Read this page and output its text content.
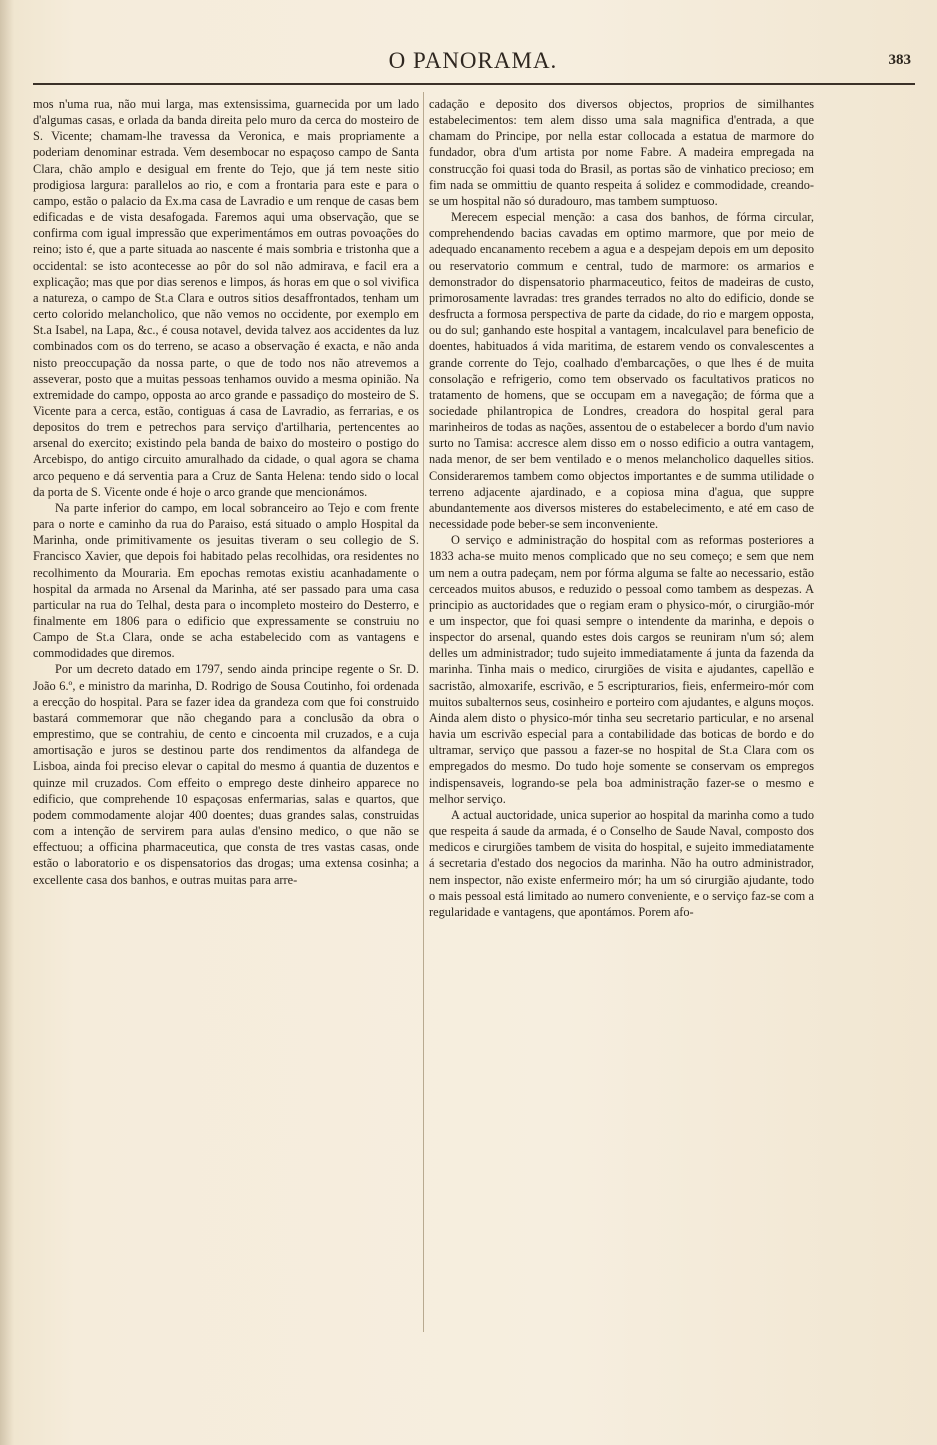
O PANORAMA.	383

mos n'uma rua, não mui larga, mas extensissima, guarnecida por um lado d'algumas casas, e orlada da banda direita pelo muro da cerca do mosteiro de S. Vicente; chamam-lhe travessa da Veronica, e mais propriamente a poderiam denominar estrada. Vem desembocar no espaçoso campo de Santa Clara, chão amplo e desigual em frente do Tejo, que já tem neste sitio prodigiosa largura: parallelos ao rio, e com a frontaria para este e para o campo, estão o palacio da Ex.ma casa de Lavradio e um renque de casas bem edificadas e de vista desafogada. Faremos aqui uma observação, que se confirma com igual impressão que experimentámos em outras povoações do reino; isto é, que a parte situada ao nascente é mais sombria e tristonha que a occidental: se isto acontecesse ao pôr do sol não admirava, e facil era a explicação; mas que por dias serenos e limpos, ás horas em que o sol vivifica a natureza, o campo de St.a Clara e outros sitios desaffrontados, tenham um certo colorido melancholico, que não vemos no occidente, por exemplo em St.a Isabel, na Lapa, &c., é cousa notavel, devida talvez aos accidentes da luz combinados com os do terreno, se acaso a observação é exacta, e não anda nisto preoccupação da nossa parte, o que de todo nos não atrevemos a asseverar, posto que a muitas pessoas tenhamos ouvido a mesma opinião. Na extremidade do campo, opposta ao arco grande e passadiço do mosteiro de S. Vicente para a cerca, estão, contiguas á casa de Lavradio, as ferrarias, e os depositos do trem e petrechos para serviço d'artilharia, pertencentes ao arsenal do exercito; existindo pela banda de baixo do mosteiro o postigo do Arcebispo, do antigo circuito amuralhado da cidade, o qual agora se chama arco pequeno e dá serventia para a Cruz de Santa Helena: tendo sido o local da porta de S. Vicente onde é hoje o arco grande que mencionámos.

Na parte inferior do campo, em local sobranceiro ao Tejo e com frente para o norte e caminho da rua do Paraiso, está situado o amplo Hospital da Marinha, onde primitivamente os jesuitas tiveram o seu collegio de S. Francisco Xavier, que depois foi habitado pelas recolhidas, ora residentes no recolhimento da Mouraria. Em epochas remotas existiu acanhadamente o hospital da armada no Arsenal da Marinha, até ser passado para uma casa particular na rua do Telhal, desta para o incompleto mosteiro do Desterro, e finalmente em 1806 para o edificio que expressamente se construiu no Campo de St.a Clara, onde se acha estabelecido com as vantagens e commodidades que diremos.

Por um decreto datado em 1797, sendo ainda principe regente o Sr. D. João 6.º, e ministro da marinha, D. Rodrigo de Sousa Coutinho, foi ordenada a erecção do hospital. Para se fazer idea da grandeza com que foi construido bastará commemorar que não chegando para a conclusão da obra o emprestimo, que se contrahiu, de cento e cincoenta mil cruzados, e a cuja amortisação e juros se destinou parte dos rendimentos da alfandega de Lisboa, ainda foi preciso elevar o capital do mesmo á quantia de duzentos e quinze mil cruzados. Com effeito o emprego deste dinheiro apparece no edificio, que comprehende 10 espaçosas enfermarias, salas e quartos, que podem commodamente alojar 400 doentes; duas grandes salas, construidas com a intenção de servirem para aulas d'ensino medico, o que não se effectuou; a officina pharmaceutica, que consta de tres vastas casas, onde estão o laboratorio e os dispensatorios das drogas; uma extensa cosinha; a excellente casa dos banhos, e outras muitas para arre-

cadação e deposito dos diversos objectos, proprios de similhantes estabelecimentos: tem alem disso uma sala magnifica d'entrada, a que chamam do Principe, por nella estar collocada a estatua de marmore do fundador, obra d'um artista por nome Fabre. A madeira empregada na construcção foi quasi toda do Brasil, as portas são de vinhatico precioso; em fim nada se ommittiu de quanto respeita á solidez e commodidade, creando-se um hospital não só duradouro, mas tambem sumptuoso.

Merecem especial menção: a casa dos banhos, de fórma circular, comprehendendo bacias cavadas em optimo marmore, que por meio de adequado encanamento recebem a agua e a despejam depois em um deposito ou reservatorio commum e central, tudo de marmore: os armarios e demonstrador do dispensatorio pharmaceutico, feitos de madeiras de custo, primorosamente lavradas: tres grandes terrados no alto do edificio, donde se desfructa a formosa perspectiva de parte da cidade, do rio e margem opposta, ou do sul; ganhando este hospital a vantagem, incalculavel para beneficio de doentes, habituados á vida maritima, de estarem vendo os convalescentes a grande corrente do Tejo, coalhado d'embarcações, o que lhes é de muita consolação e refrigerio, como tem observado os facultativos praticos no tratamento de homens, que se occupam em a navegação; de fórma que a sociedade philantropica de Londres, creadora do hospital geral para marinheiros de todas as nações, assentou de o estabelecer a bordo d'um navio surto no Tamisa: accresce alem disso em o nosso edificio a outra vantagem, nada menor, de ser bem ventilado e o menos melancholico daquelles sitios. Consideraremos tambem como objectos importantes e de summa utilidade o terreno adjacente ajardinado, e a copiosa mina d'agua, que suppre abundantemente aos diversos misteres do estabelecimento, e até em caso de necessidade pode beber-se sem inconveniente.

O serviço e administração do hospital com as reformas posteriores a 1833 acha-se muito menos complicado que no seu começo; e sem que nem um nem a outra padeçam, nem por fórma alguma se falte ao necessario, estão cerceados muitos abusos, e reduzido o pessoal como tambem as despezas. A principio as auctoridades que o regiam eram o physico-mór, o cirurgião-mór e um inspector, que foi quasi sempre o intendente da marinha, e depois o inspector do arsenal, quando estes dois cargos se reuniram n'um só; alem delles um administrador; tudo sujeito immediatamente á junta da fazenda da marinha. Tinha mais o medico, cirurgiões de visita e ajudantes, capellão e sacristão, almoxarife, escrivão, e 5 escripturarios, fieis, enfermeiro-mór com muitos subalternos seus, cosinheiro e porteiro com ajudantes, e alguns moços. Ainda alem disto o physico-mór tinha seu secretario particular, e no arsenal havia um escrivão especial para a contabilidade das boticas de bordo e do ultramar, serviço que passou a fazer-se no hospital de St.a Clara com os empregados do mesmo. Do tudo hoje somente se conservam os empregos indispensaveis, logrando-se pela boa administração fazer-se o mesmo e melhor serviço.

A actual auctoridade, unica superior ao hospital da marinha como a tudo que respeita á saude da armada, é o Conselho de Saude Naval, composto dos medicos e cirurgiões tambem de visita do hospital, e sujeito immediatamente á secretaria d'estado dos negocios da marinha. Não ha outro administrador, nem inspector, não existe enfermeiro mór; ha um só cirurgião ajudante, todo o mais pessoal está limitado ao numero conveniente, e o serviço faz-se com a regularidade e vantagens, que apontámos. Porem afo-
